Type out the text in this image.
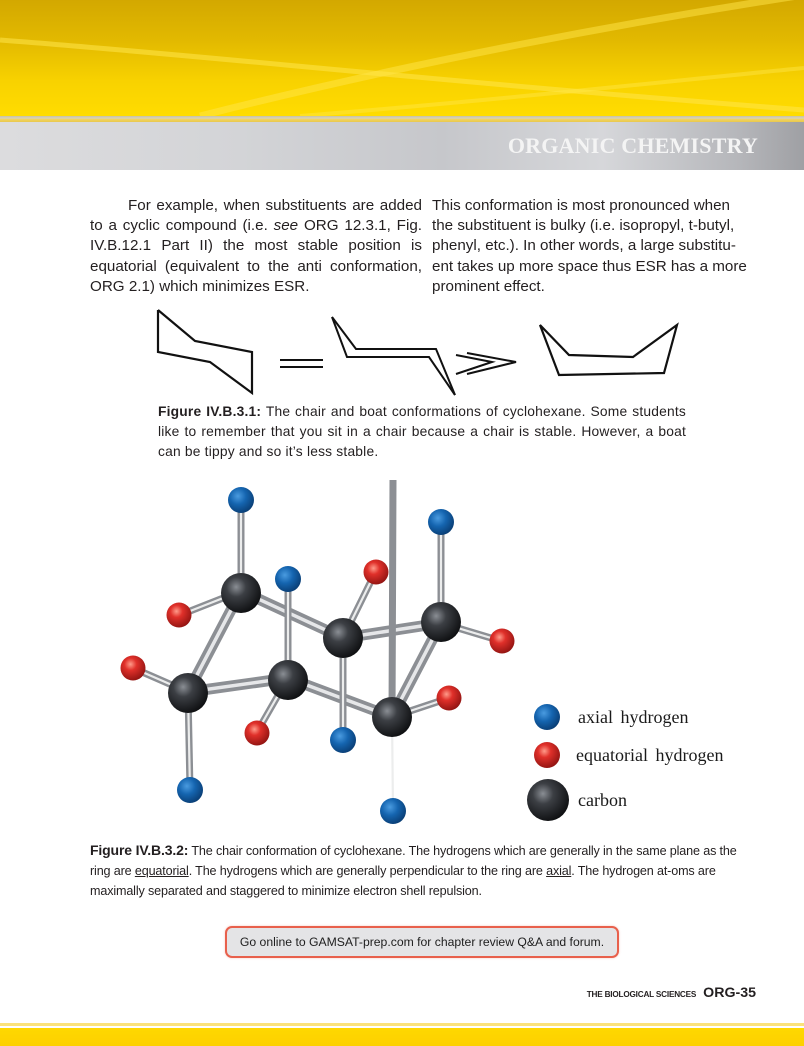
ORGANIC CHEMISTRY

For example, when substituents are added to a cyclic compound (i.e. see ORG 12.3.1, Fig. IV.B.12.1 Part II) the most stable position is equatorial (equivalent to the anti conformation, ORG 2.1) which minimizes ESR.

This conformation is most pronounced when the substituent is bulky (i.e. isopropyl, t-butyl, phenyl, etc.). In other words, a large substitu-ent takes up more space thus ESR has a more prominent effect.

Figure IV.B.3.1: The chair and boat conformations of cyclohexane. Some students like to remember that you sit in a chair because a chair is stable. However, a boat can be tippy and so it’s less stable.
axial hydrogen
equatorial hydrogen
carbon
Figure IV.B.3.2: The chair conformation of cyclohexane. The hydrogens which are generally in the same plane as the ring are equatorial. The hydrogens which are generally perpendicular to the ring are axial. The hydrogen at-oms are maximally separated and staggered to minimize electron shell repulsion.
Go online to GAMSAT-prep.com for chapter review Q&A and forum.
THE BIOLOGICAL SCIENCES ORG-35
